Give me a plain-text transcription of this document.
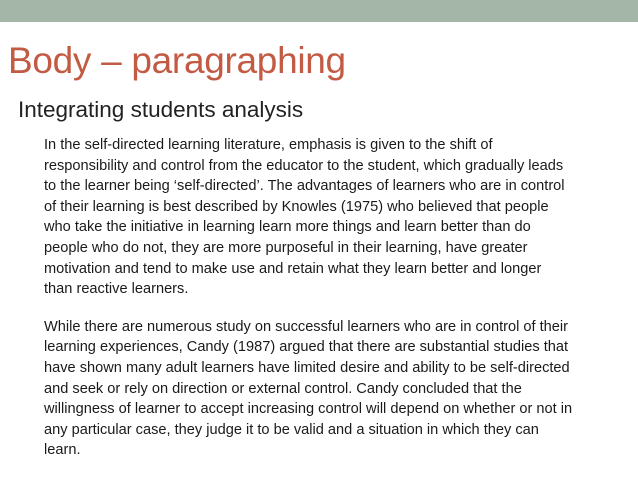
Body – paragraphing
Integrating students analysis

In the self-directed learning literature, emphasis is given to the shift of
responsibility and control from the educator to the student, which gradually leads
to the learner being ‘self-directed’. The advantages of learners who are in control
of their learning is best described by Knowles (1975) who believed that people
who take the initiative in learning learn more things and learn better than do
people who do not, they are more purposeful in their learning, have greater
motivation and tend to make use and retain what they learn better and longer
than reactive learners.

While there are numerous study on successful learners who are in control of their
learning experiences, Candy (1987) argued that there are substantial studies that
have shown many adult learners have limited desire and ability to be self-directed
and seek or rely on direction or external control. Candy concluded that the
willingness of learner to accept increasing control will depend on whether or not in
any particular case, they judge it to be valid and a situation in which they can
learn.
